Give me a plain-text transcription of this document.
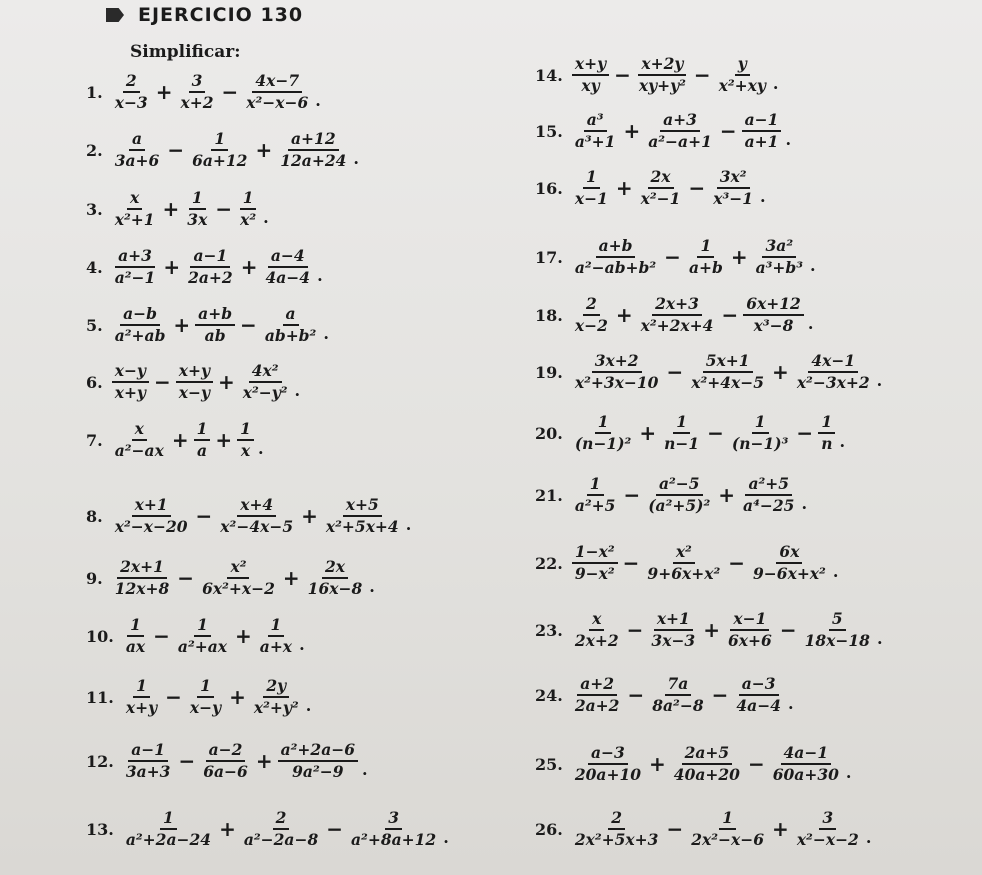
EJERCICIO 130
Simplificar:
1. $\frac{2}{x-3} + \frac{3}{x+2} - \frac{4x-7}{\text{x²−x−6}}$ .
2. $\frac{a}{3a+6} - \frac{1}{6a+12} + \frac{a+12}{12a+24}$ .
3. $\frac{x}{\text{x²+1}} + \frac{1}{3x} - \frac{1}{\text{x²}}$ .
4. $\frac{a+3}{\text{a²−1}} + \frac{a-1}{2a+2} + \frac{a-4}{4a-4}$ .
5. $\frac{a-b}{\text{a²+ab}} + \frac{a+b}{ab} - \frac{a}{\text{ab+b²}}$ .
6. $\frac{x-y}{x+y} - \frac{x+y}{x-y} + \frac{\text{4x²}}{\text{x²−y²}}$ .
7. $\frac{x}{\text{a²−ax}} + \frac{1}{a} + \frac{1}{x}$ .
8. $\frac{x+1}{\text{x²−x−20}} - \frac{x+4}{\text{x²−4x−5}} + \frac{x+5}{\text{x²+5x+4}}$ .
9. $\frac{2x+1}{12x+8} - \frac{\text{x²}}{\text{6x²+x−2}} + \frac{2x}{16x-8}$ .
10. $\frac{1}{ax} - \frac{1}{\text{a²+ax}} + \frac{1}{a+x}$ .
11. $\frac{1}{x+y} - \frac{1}{x-y} + \frac{2y}{\text{x²+y²}}$ .
12. $\frac{a-1}{3a+3} - \frac{a-2}{6a-6} + \frac{\text{a²+2a−6}}{\text{9a²−9}}$ .
13. $\frac{1}{\text{a²+2a−24}} + \frac{2}{\text{a²−2a−8}} - \frac{3}{\text{a²+8a+12}}$ .
14. $\frac{x+y}{xy} - \frac{x+2y}{\text{xy+y²}} - \frac{y}{\text{x²+xy}}$ .
15. $\frac{\text{a³}}{\text{a³+1}} + \frac{a+3}{\text{a²−a+1}} - \frac{a-1}{a+1}$ .
16. $\frac{1}{x-1} + \frac{2x}{\text{x²−1}} - \frac{\text{3x²}}{\text{x³−1}}$ .
17. $\frac{a+b}{\text{a²−ab+b²}} - \frac{1}{a+b} + \frac{\text{3a²}}{\text{a³+b³}}$ .
18. $\frac{2}{x-2} + \frac{2x+3}{\text{x²+2x+4}} - \frac{6x+12}{\text{x³−8}}$ .
19. $\frac{3x+2}{\text{x²+3x−10}} - \frac{5x+1}{\text{x²+4x−5}} + \frac{4x-1}{\text{x²−3x+2}}$ .
20. $\frac{1}{\text{(n−1)²}} + \frac{1}{n-1} - \frac{1}{\text{(n−1)³}} - \frac{1}{n}$ .
21. $\frac{1}{\text{a²+5}} - \frac{\text{a²−5}}{\text{(a²+5)²}} + \frac{\text{a²+5}}{\text{a⁴−25}}$ .
22. $\frac{\text{1−x²}}{\text{9−x²}} - \frac{\text{x²}}{\text{9+6x+x²}} - \frac{6x}{\text{9−6x+x²}}$ .
23. $\frac{x}{2x+2} - \frac{x+1}{3x-3} + \frac{x-1}{6x+6} - \frac{5}{18x-18}$ .
24. $\frac{a+2}{2a+2} - \frac{7a}{\text{8a²−8}} - \frac{a-3}{4a-4}$ .
25. $\frac{a-3}{20a+10} + \frac{2a+5}{40a+20} - \frac{4a-1}{60a+30}$ .
26. $\frac{2}{\text{2x²+5x+3}} - \frac{1}{\text{2x²−x−6}} + \frac{3}{\text{x²−x−2}}$ .
